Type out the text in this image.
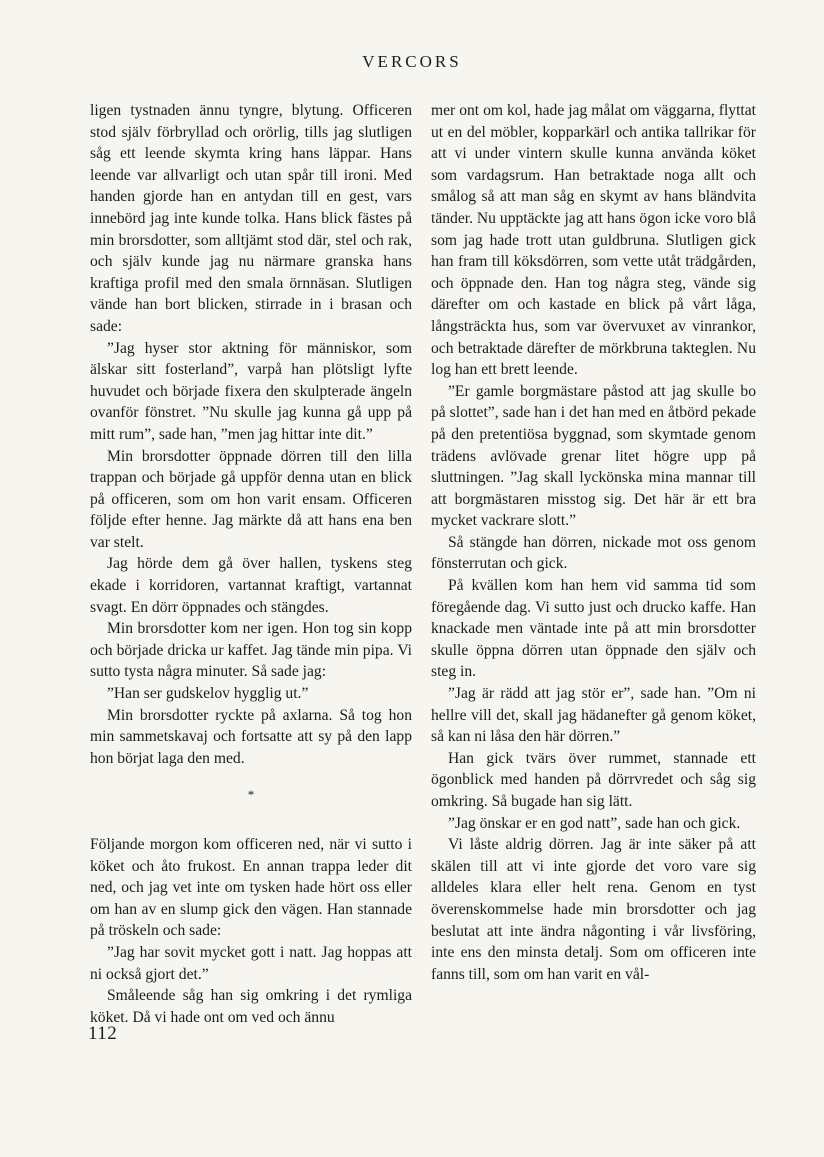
VERCORS

ligen tystnaden ännu tyngre, blytung. Officeren stod själv förbryllad och orörlig, tills jag slutligen såg ett leende skymta kring hans läppar. Hans leende var allvarligt och utan spår till ironi. Med handen gjorde han en antydan till en gest, vars innebörd jag inte kunde tolka. Hans blick fästes på min brorsdotter, som alltjämt stod där, stel och rak, och själv kunde jag nu närmare granska hans kraftiga profil med den smala örnnäsan. Slutligen vände han bort blicken, stirrade in i brasan och sade:

”Jag hyser stor aktning för människor, som älskar sitt fosterland”, varpå han plötsligt lyfte huvudet och började fixera den skulpterade ängeln ovanför fönstret. ”Nu skulle jag kunna gå upp på mitt rum”, sade han, ”men jag hittar inte dit.”

Min brorsdotter öppnade dörren till den lilla trappan och började gå uppför denna utan en blick på officeren, som om hon varit ensam. Officeren följde efter henne. Jag märkte då att hans ena ben var stelt.

Jag hörde dem gå över hallen, tyskens steg ekade i korridoren, vartannat kraftigt, vartannat svagt. En dörr öppnades och stängdes.

Min brorsdotter kom ner igen. Hon tog sin kopp och började dricka ur kaffet. Jag tände min pipa. Vi sutto tysta några minuter. Så sade jag:

”Han ser gudskelov hygglig ut.”

Min brorsdotter ryckte på axlarna. Så tog hon min sammetskavaj och fortsatte att sy på den lapp hon börjat laga den med.

*

Följande morgon kom officeren ned, när vi sutto i köket och åto frukost. En annan trappa leder dit ned, och jag vet inte om tysken hade hört oss eller om han av en slump gick den vägen. Han stannade på tröskeln och sade:

”Jag har sovit mycket gott i natt. Jag hoppas att ni också gjort det.”

Småleende såg han sig omkring i det rymliga köket. Då vi hade ont om ved och ännu

mer ont om kol, hade jag målat om väggarna, flyttat ut en del möbler, kopparkärl och antika tallrikar för att vi under vintern skulle kunna använda köket som vardagsrum. Han betraktade noga allt och smålog så att man såg en skymt av hans bländvita tänder. Nu upptäckte jag att hans ögon icke voro blå som jag hade trott utan guldbruna. Slutligen gick han fram till köksdörren, som vette utåt trädgården, och öppnade den. Han tog några steg, vände sig därefter om och kastade en blick på vårt låga, långsträckta hus, som var övervuxet av vinrankor, och betraktade därefter de mörkbruna takteglen. Nu log han ett brett leende.

”Er gamle borgmästare påstod att jag skulle bo på slottet”, sade han i det han med en åtbörd pekade på den pretentiösa byggnad, som skymtade genom trädens avlövade grenar litet högre upp på sluttningen. ”Jag skall lyckönska mina mannar till att borgmästaren misstog sig. Det här är ett bra mycket vackrare slott.”

Så stängde han dörren, nickade mot oss genom fönsterrutan och gick.

På kvällen kom han hem vid samma tid som föregående dag. Vi sutto just och drucko kaffe. Han knackade men väntade inte på att min brorsdotter skulle öppna dörren utan öppnade den själv och steg in.

”Jag är rädd att jag stör er”, sade han. ”Om ni hellre vill det, skall jag hädanefter gå genom köket, så kan ni låsa den här dörren.”

Han gick tvärs över rummet, stannade ett ögonblick med handen på dörrvredet och såg sig omkring. Så bugade han sig lätt.

”Jag önskar er en god natt”, sade han och gick.

Vi låste aldrig dörren. Jag är inte säker på att skälen till att vi inte gjorde det voro vare sig alldeles klara eller helt rena. Genom en tyst överenskommelse hade min brorsdotter och jag beslutat att inte ändra någonting i vår livsföring, inte ens den minsta detalj. Som om officeren inte fanns till, som om han varit en vål-

112
